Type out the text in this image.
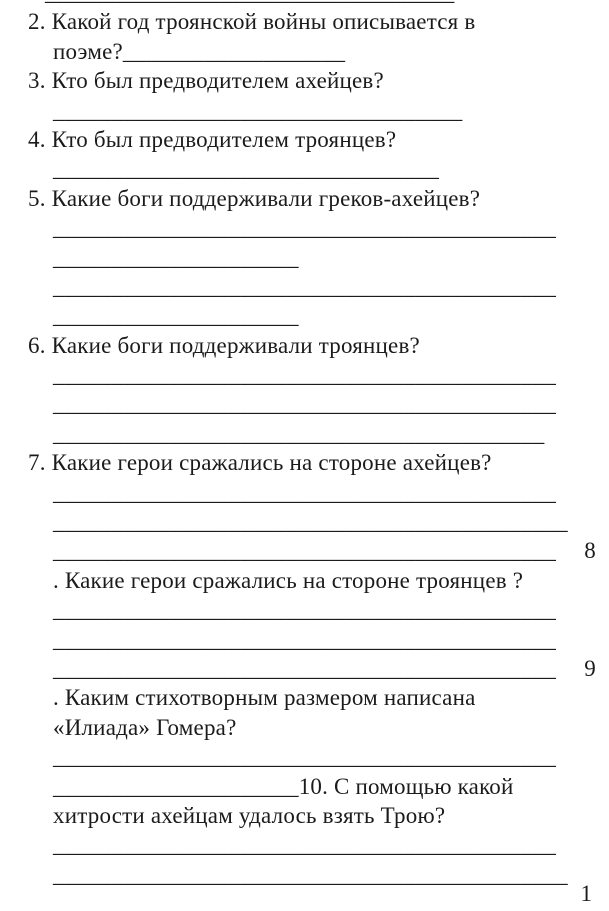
2. Какой год троянской войны описывается в
поэме?___________________
3. Кто был предводителем ахейцев?
___________________________________
4. Кто был предводителем троянцев?
_________________________________
5. Какие боги поддерживали греков-ахейцев?
___________________________________________
_____________________
___________________________________________
_____________________
6. Какие боги поддерживали троянцев?
___________________________________________
___________________________________________
__________________________________________
7. Какие герои сражались на стороне ахейцев?
___________________________________________
____________________________________________
___________________________________________ 8
. Какие герои сражались на стороне троянцев ?
___________________________________________
___________________________________________
___________________________________________ 9
. Каким стихотворным размером написана
«Илиада» Гомера?
___________________________________________
_____________________10. С помощью какой
хитрости ахейцам удалось взять Трою?
___________________________________________
____________________________________________
1
